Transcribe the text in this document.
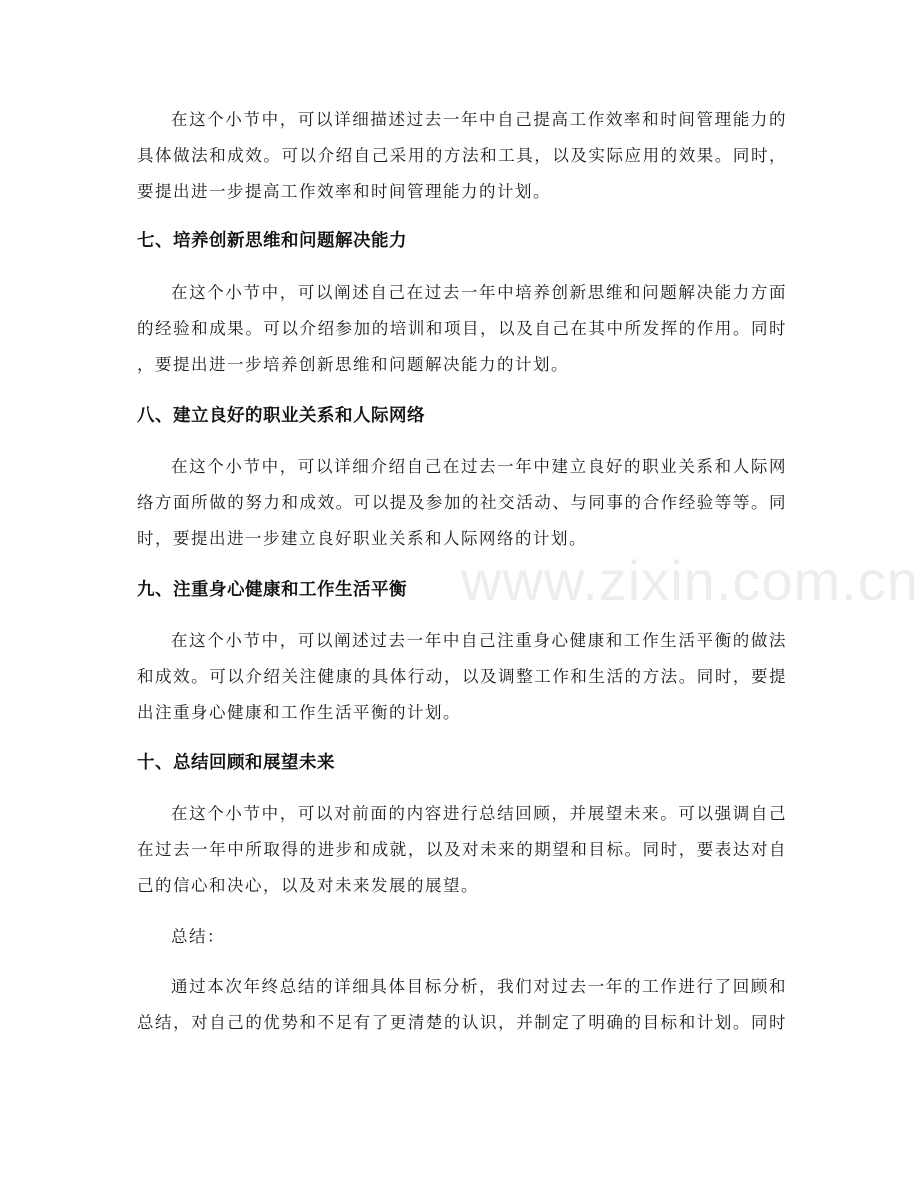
www.zixin.com.cn
在这个小节中，可以详细描述过去一年中自己提高工作效率和时间管理能力的
具体做法和成效。可以介绍自己采用的方法和工具，以及实际应用的效果。同时，
要提出进一步提高工作效率和时间管理能力的计划。
七、培养创新思维和问题解决能力
在这个小节中，可以阐述自己在过去一年中培养创新思维和问题解决能力方面
的经验和成果。可以介绍参加的培训和项目，以及自己在其中所发挥的作用。同时
，要提出进一步培养创新思维和问题解决能力的计划。
八、建立良好的职业关系和人际网络
在这个小节中，可以详细介绍自己在过去一年中建立良好的职业关系和人际网
络方面所做的努力和成效。可以提及参加的社交活动、与同事的合作经验等等。同
时，要提出进一步建立良好职业关系和人际网络的计划。
九、注重身心健康和工作生活平衡
在这个小节中，可以阐述过去一年中自己注重身心健康和工作生活平衡的做法
和成效。可以介绍关注健康的具体行动，以及调整工作和生活的方法。同时，要提
出注重身心健康和工作生活平衡的计划。
十、总结回顾和展望未来
在这个小节中，可以对前面的内容进行总结回顾，并展望未来。可以强调自己
在过去一年中所取得的进步和成就，以及对未来的期望和目标。同时，要表达对自
己的信心和决心，以及对未来发展的展望。
总结：
通过本次年终总结的详细具体目标分析，我们对过去一年的工作进行了回顾和
总结，对自己的优势和不足有了更清楚的认识，并制定了明确的目标和计划。同时
